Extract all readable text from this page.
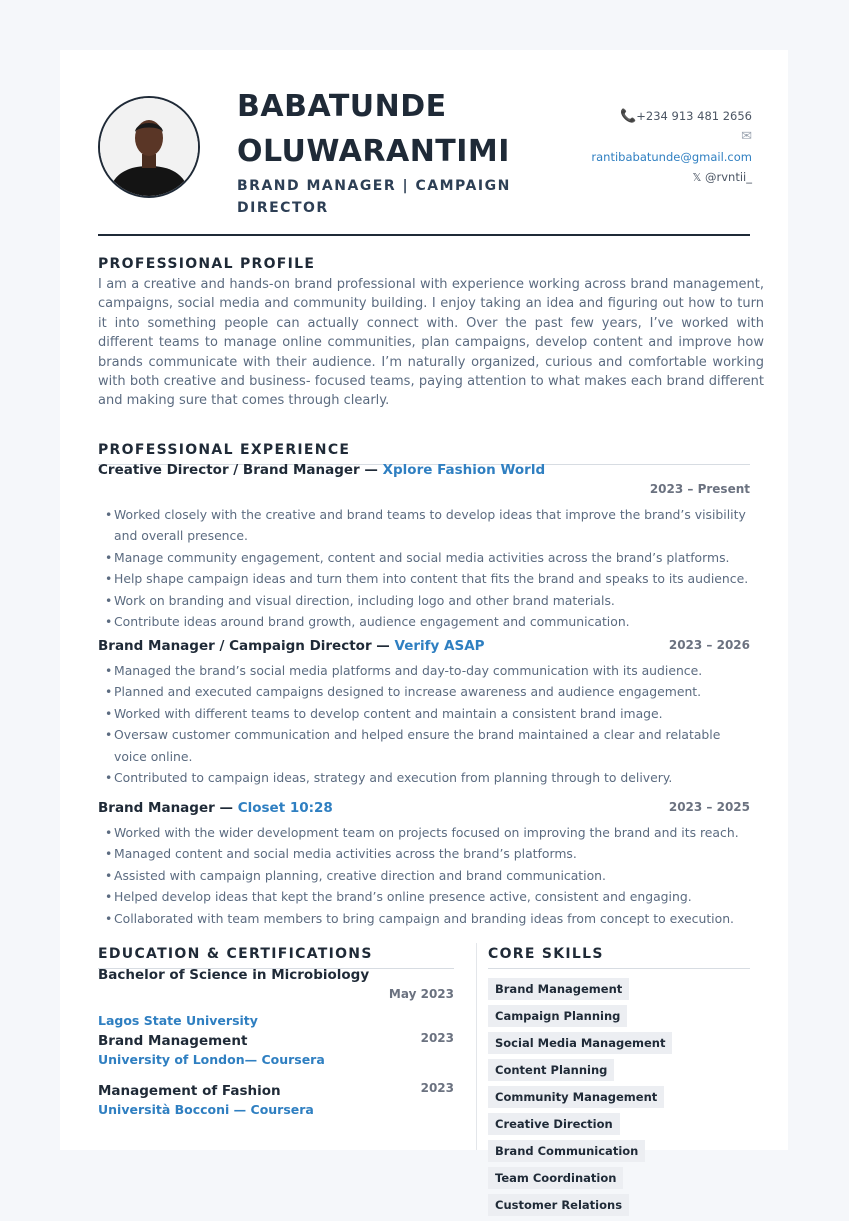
BABATUNDE OLUWARANTIMI
BRAND MANAGER | CAMPAIGN DIRECTOR
📞+234 913 481 2656
✉
rantibabatunde@gmail.com
𝕏 @rvntii_
PROFESSIONAL PROFILE
I am a creative and hands-on brand professional with experience working across brand management, campaigns, social media and community building. I enjoy taking an idea and figuring out how to turn it into something people can actually connect with. Over the past few years, I’ve worked with different teams to manage online communities, plan campaigns, develop content and improve how brands communicate with their audience. I’m naturally organized, curious and comfortable working with both creative and business- focused teams, paying attention to what makes each brand different and making sure that comes through clearly.
PROFESSIONAL EXPERIENCE
Creative Director / Brand Manager — Xplore Fashion World
2023 – Present
• Worked closely with the creative and brand teams to develop ideas that improve the brand’s visibility and overall presence.
• Manage community engagement, content and social media activities across the brand’s platforms.
• Help shape campaign ideas and turn them into content that fits the brand and speaks to its audience.
• Work on branding and visual direction, including logo and other brand materials.
• Contribute ideas around brand growth, audience engagement and communication.
Brand Manager / Campaign Director — Verify ASAP	2023 – 2026
• Managed the brand’s social media platforms and day-to-day communication with its audience.
• Planned and executed campaigns designed to increase awareness and audience engagement.
• Worked with different teams to develop content and maintain a consistent brand image.
• Oversaw customer communication and helped ensure the brand maintained a clear and relatable voice online.
• Contributed to campaign ideas, strategy and execution from planning through to delivery.
Brand Manager — Closet 10:28	2023 – 2025
• Worked with the wider development team on projects focused on improving the brand and its reach.
• Managed content and social media activities across the brand’s platforms.
• Assisted with campaign planning, creative direction and brand communication.
• Helped develop ideas that kept the brand’s online presence active, consistent and engaging.
• Collaborated with team members to bring campaign and branding ideas from concept to execution.
EDUCATION & CERTIFICATIONS
Bachelor of Science in Microbiology
May 2023
Lagos State University
Brand Management	2023
University of London— Coursera
Management of Fashion	2023
Università Bocconi — Coursera
CORE SKILLS
Brand ManagementCampaign Planning
Social Media Management
Content Planning
Community Management
Creative DirectionBrand Communication
Team CoordinationCustomer Relations
